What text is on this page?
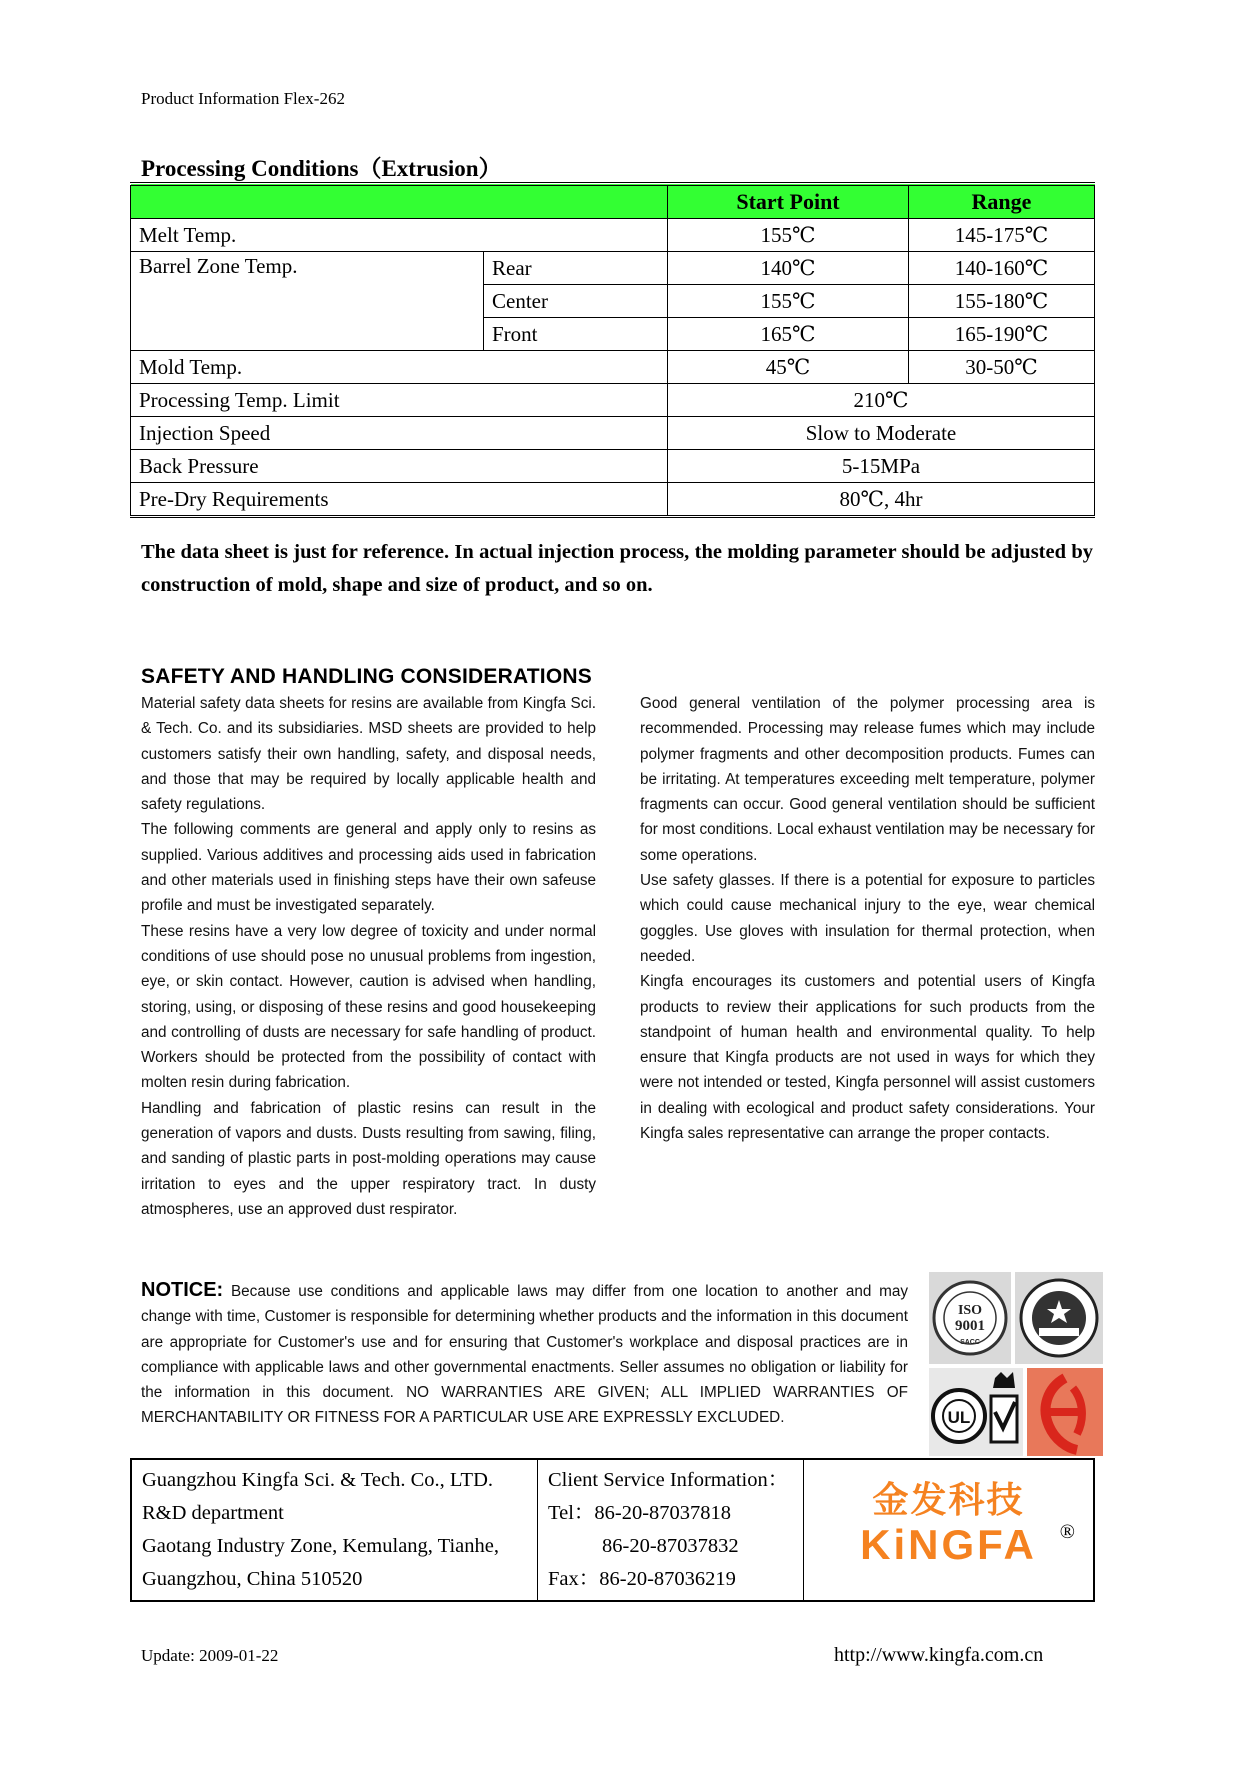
Product Information Flex-262
Processing Conditions（Extrusion）
		Start Point	Range
Melt Temp.		155℃	145-175℃
Barrel Zone Temp.	Rear	140℃	140-160℃
	Center	155℃	155-180℃
	Front	165℃	165-190℃
Mold Temp.		45℃	30-50℃
Processing Temp. Limit		210℃	
Injection Speed		Slow to Moderate	
Back Pressure		5-15MPa	
Pre-Dry Requirements		80℃, 4hr	
The data sheet is just for reference. In actual injection process, the molding parameter should be adjusted by construction of mold, shape and size of product, and so on.
SAFETY AND HANDLING CONSIDERATIONS

Material safety data sheets for resins are available from Kingfa Sci. & Tech. Co. and its subsidiaries. MSD sheets are provided to help customers satisfy their own handling, safety, and disposal needs, and those that may be required by locally applicable health and safety regulations.

The following comments are general and apply only to resins as supplied. Various additives and processing aids used in fabrication and other materials used in finishing steps have their own safeuse profile and must be investigated separately.

These resins have a very low degree of toxicity and under normal conditions of use should pose no unusual problems from ingestion, eye, or skin contact. However, caution is advised when handling, storing, using, or disposing of these resins and good housekeeping and controlling of dusts are necessary for safe handling of product. Workers should be protected from the possibility of contact with molten resin during fabrication.

Handling and fabrication of plastic resins can result in the generation of vapors and dusts. Dusts resulting from sawing, filing, and sanding of plastic parts in post-molding operations may cause irritation to eyes and the upper respiratory tract. In dusty atmospheres, use an approved dust respirator.

Good general ventilation of the polymer processing area is recommended. Processing may release fumes which may include polymer fragments and other decomposition products. Fumes can be irritating. At temperatures exceeding melt temperature, polymer fragments can occur. Good general ventilation should be sufficient for most conditions. Local exhaust ventilation may be necessary for some operations.

Use safety glasses. If there is a potential for exposure to particles which could cause mechanical injury to the eye, wear chemical goggles. Use gloves with insulation for thermal protection, when needed.

Kingfa encourages its customers and potential users of Kingfa products to review their applications for such products from the standpoint of human health and environmental quality. To help ensure that Kingfa products are not used in ways for which they were not intended or tested, Kingfa personnel will assist customers in dealing with ecological and product safety considerations. Your Kingfa sales representative can arrange the proper contacts.

NOTICE: Because use conditions and applicable laws may differ from one location to another and may change with time, Customer is responsible for determining whether products and the information in this document are appropriate for Customer's use and for ensuring that Customer's workplace and disposal practices are in compliance with applicable laws and other governmental enactments. Seller assumes no obligation or liability for the information in this document. NO WARRANTIES ARE GIVEN; ALL IMPLIED WARRANTIES OF MERCHANTABILITY OR FITNESS FOR A PARTICULAR USE ARE EXPRESSLY EXCLUDED.
ISO
9001
SACC
UL
Guangzhou Kingfa Sci. & Tech. Co., LTD.
R&D department
Gaotang Industry Zone, Kemulang, Tianhe,
Guangzhou, China 510520

Client Service Information：
Tel：86-20-87037818
86-20-87037832
Fax：86-20-87036219

金发科技
KiNGFA	®
Update: 2009-01-22	http://www.kingfa.com.cn
